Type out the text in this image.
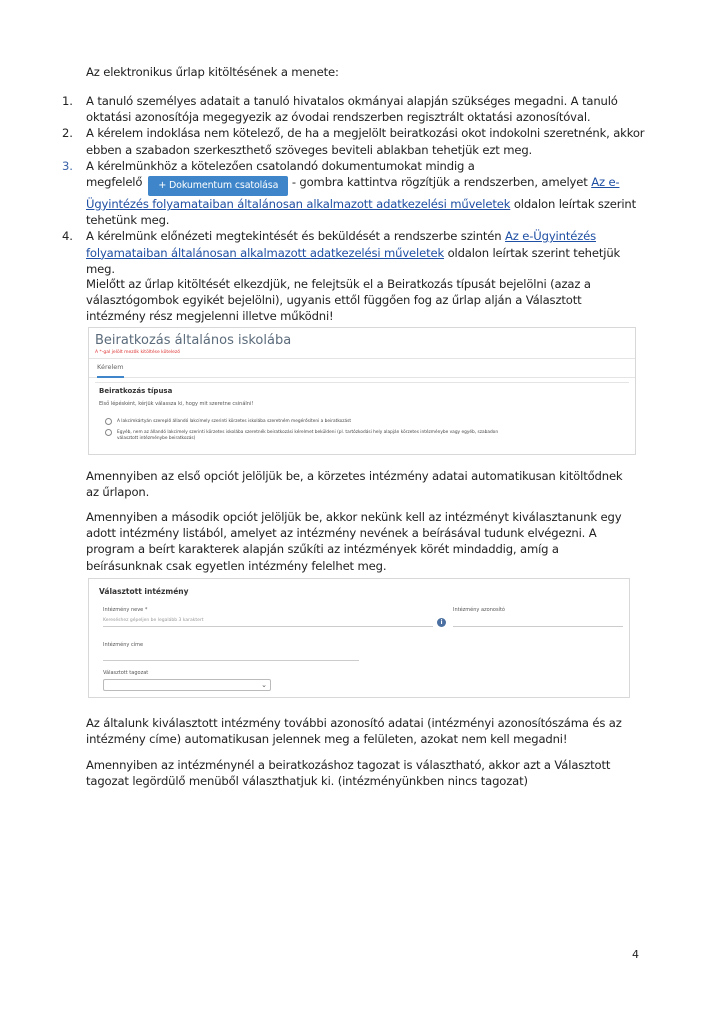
Az elektronikus űrlap kitöltésének a menete:
1.	A tanuló személyes adatait a tanuló hivatalos okmányai alapján szükséges megadni. A tanuló oktatási azonosítója megegyezik az óvodai rendszerben regisztrált oktatási azonosítóval.
2.	A kérelem indoklása nem kötelező, de ha a megjelölt beiratkozási okot indokolni szeretnénk, akkor ebben a szabadon szerkeszthető szöveges beviteli ablakban tehetjük ezt meg.
3.	A kérelmünkhöz a kötelezően csatolandó dokumentumokat mindig a
megfelelő + Dokumentum csatolása - gombra kattintva rögzítjük a rendszerben, amelyet Az e-Ügyintézés folyamataiban általánosan alkalmazott adatkezelési műveletek oldalon leírtak szerint tehetünk meg.
4.	A kérelmünk előnézeti megtekintését és beküldését a rendszerbe szintén Az e-Ügyintézés folyamataiban általánosan alkalmazott adatkezelési műveletek oldalon leírtak szerint tehetjük meg.
Mielőtt az űrlap kitöltését elkezdjük, ne felejtsük el a Beiratkozás típusát bejelölni (azaz a választógombok egyikét bejelölni), ugyanis ettől függően fog az űrlap alján a Választott intézmény rész megjelenni illetve működni!
Beiratkozás általános iskolába
A *-gal jelölt mezők kitöltése kötelező
Kérelem
Beiratkozás típusa
Első lépésként, kérjük válassza ki, hogy mit szeretne csinálni!
A lakcímkártyán szereplő állandó lakcímely szerinti körzetes iskolába szeretném megérősíteni a beiratkozást
Egyéb, nem az állandó lakcímely szerinti körzetes iskolába szeretnék beiratkozási kérelmet beküldeni (pl. tartózkodási hely alapján körzetes intézménybe vagy egyéb, szabadon
választott intézménybe beiratkozás)
Amennyiben az első opciót jelöljük be, a körzetes intézmény adatai automatikusan kitöltődnek az űrlapon.
Amennyiben a második opciót jelöljük be, akkor nekünk kell az intézményt kiválasztanunk egy adott intézmény listából, amelyet az intézmény nevének a beírásával tudunk elvégezni. A program a beírt karakterek alapján szűkíti az intézmények körét mindaddig, amíg a beírásunknak csak egyetlen intézmény felelhet meg.
Választott intézmény
Intézmény neve *
Kereséshez gépeljen be legalább 3 karaktert	i
Intézmény azonosító
Intézmény címe
Választott tagozat
⌄
Az általunk kiválasztott intézmény további azonosító adatai (intézményi azonosítószáma és az intézmény címe) automatikusan jelennek meg a felületen, azokat nem kell megadni!
Amennyiben az intézménynél a beiratkozáshoz tagozat is választható, akkor azt a Választott tagozat legördülő menüből választhatjuk ki. (intézményünkben nincs tagozat)
4
